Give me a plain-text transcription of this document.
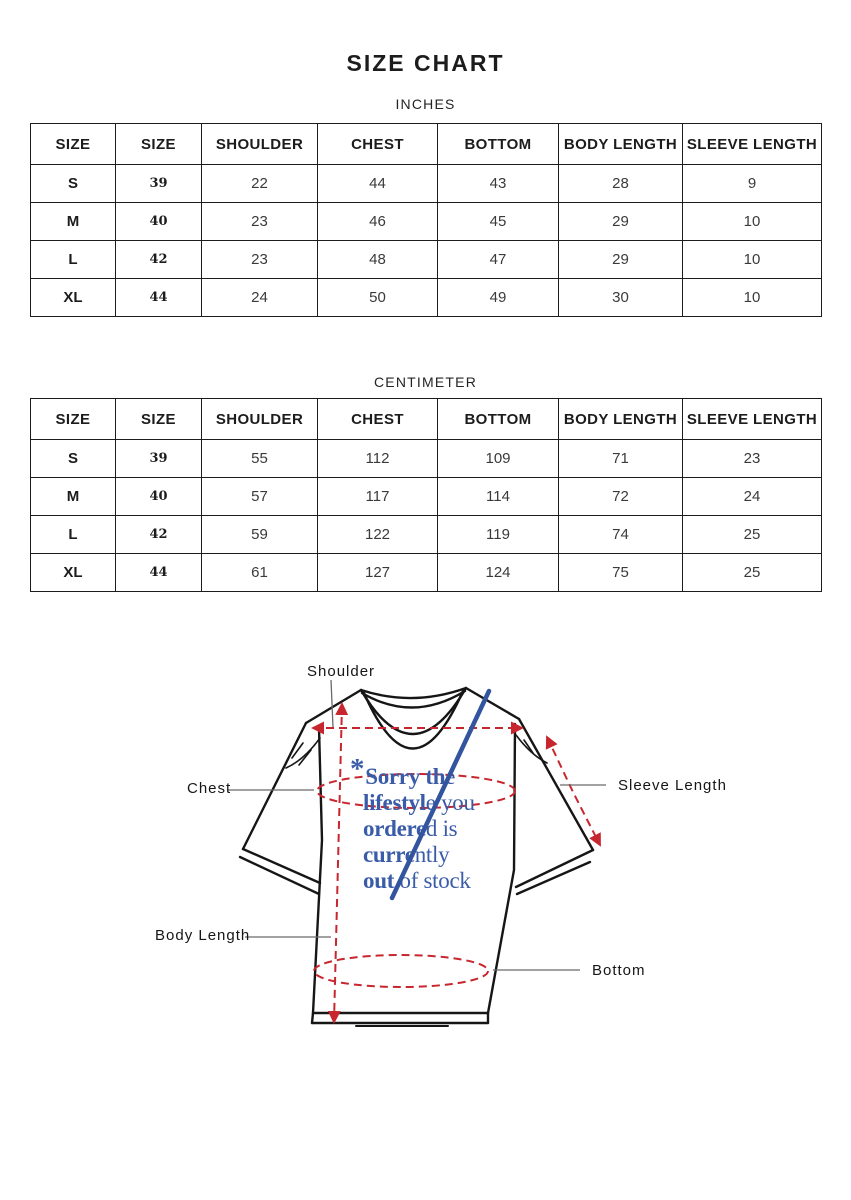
SIZE CHART
INCHES
SIZE	SIZE	SHOULDER	CHEST	BOTTOM	BODY LENGTH	SLEEVE LENGTH
S	39	22	44	43	28	9
M	40	23	46	45	29	10
L	42	23	48	47	29	10
XL	44	24	50	49	30	10
CENTIMETER
SIZE	SIZE	SHOULDER	CHEST	BOTTOM	BODY LENGTH	SLEEVE LENGTH
S	39	55	112	109	71	23
M	40	57	117	114	72	24
L	42	59	122	119	74	25
XL	44	61	127	124	75	25
*Sorry the
lifestyle you
ordered is
currently
out of stock
Shoulder
Chest	Sleeve Length
Body Length
Bottom
